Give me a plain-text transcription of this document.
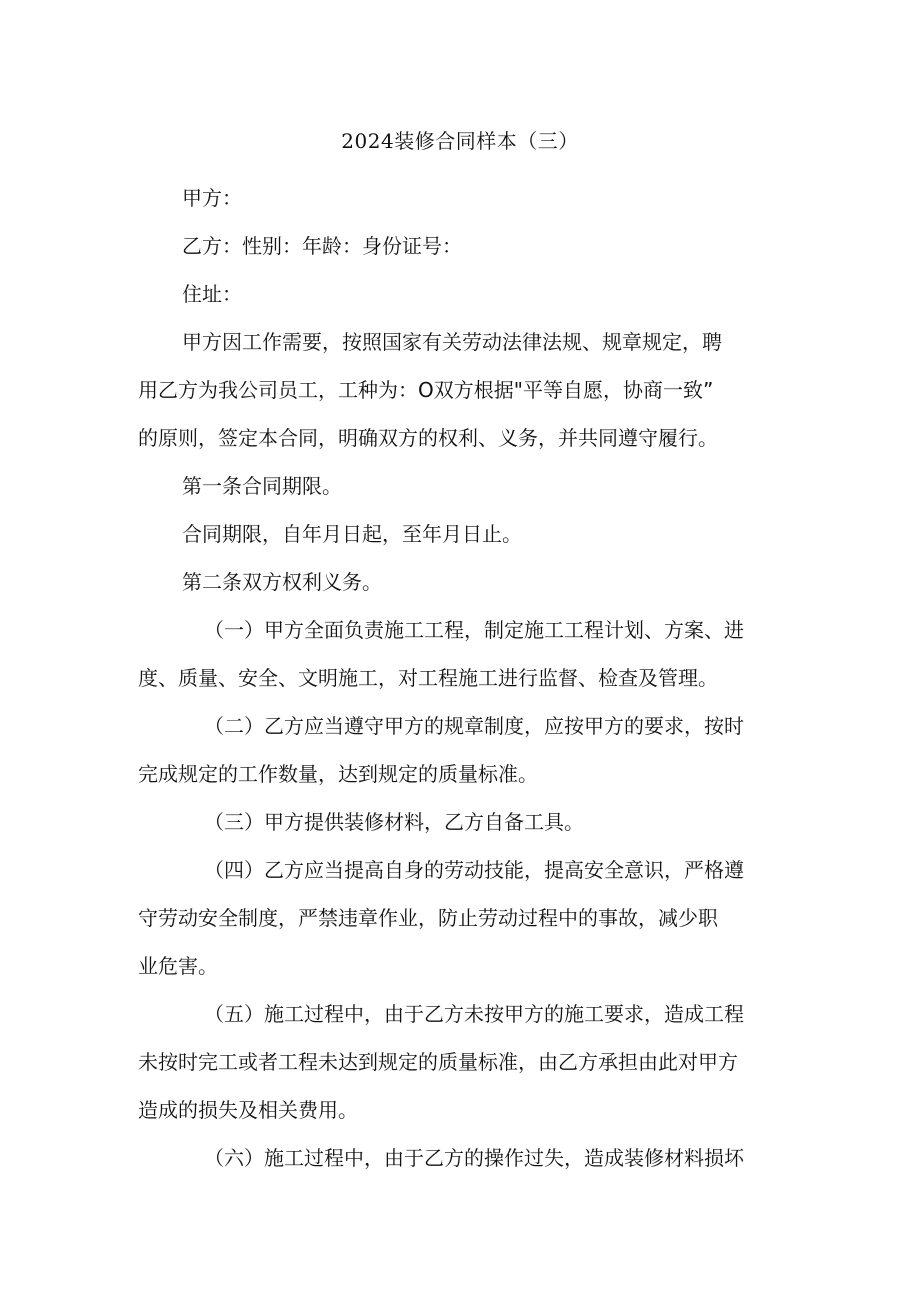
2024装修合同样本（三）
甲方：
乙方：性别：年龄：身份证号：
住址：
甲方因工作需要，按照国家有关劳动法律法规、规章规定，聘
用乙方为我公司员工，工种为：O双方根据"平等自愿，协商一致”
的原则，签定本合同，明确双方的权利、义务，并共同遵守履行。
第一条合同期限。
合同期限，自年月日起，至年月日止。
第二条双方权利义务。
（一）甲方全面负责施工工程，制定施工工程计划、方案、进
度、质量、安全、文明施工，对工程施工进行监督、检查及管理。
（二）乙方应当遵守甲方的规章制度，应按甲方的要求，按时
完成规定的工作数量，达到规定的质量标准。
（三）甲方提供装修材料，乙方自备工具。
（四）乙方应当提高自身的劳动技能，提高安全意识，严格遵
守劳动安全制度，严禁违章作业，防止劳动过程中的事故，减少职
业危害。
（五）施工过程中，由于乙方未按甲方的施工要求，造成工程
未按时完工或者工程未达到规定的质量标准，由乙方承担由此对甲方
造成的损失及相关费用。
（六）施工过程中，由于乙方的操作过失，造成装修材料损坏
